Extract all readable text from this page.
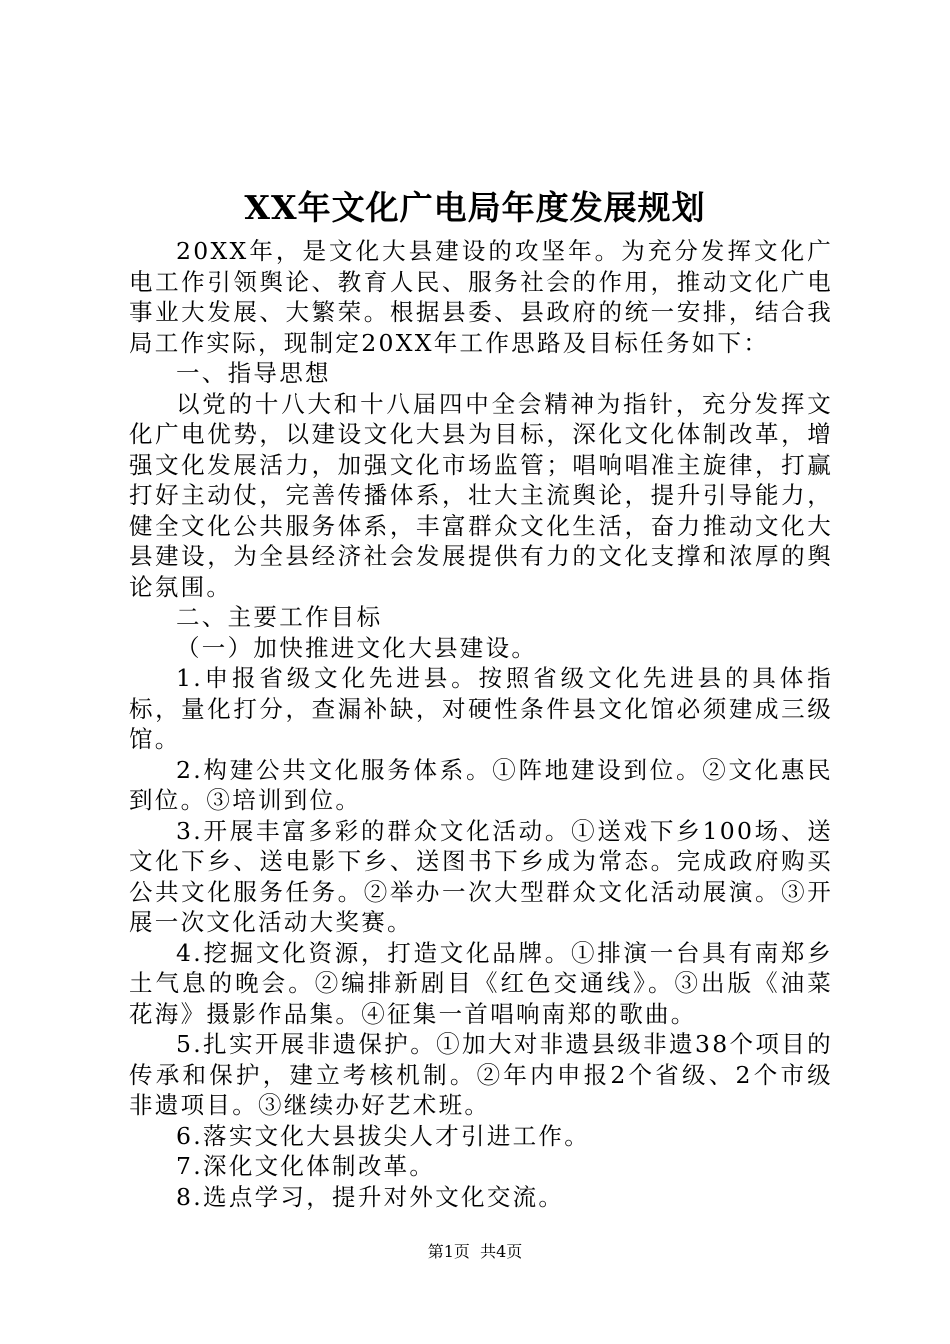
XX年文化广电局年度发展规划

20XX年，是文化大县建设的攻坚年。为充分发挥文化广电工作引领舆论、教育人民、服务社会的作用，推动文化广电事业大发展、大繁荣。根据县委、县政府的统一安排，结合我局工作实际，现制定20XX年工作思路及目标任务如下：

一、指导思想

以党的十八大和十八届四中全会精神为指针，充分发挥文化广电优势，以建设文化大县为目标，深化文化体制改革，增强文化发展活力，加强文化市场监管；唱响唱准主旋律，打赢打好主动仗，完善传播体系，壮大主流舆论，提升引导能力，健全文化公共服务体系，丰富群众文化生活，奋力推动文化大县建设，为全县经济社会发展提供有力的文化支撑和浓厚的舆论氛围。

二、主要工作目标

（一）加快推进文化大县建设。

1.申报省级文化先进县。按照省级文化先进县的具体指标，量化打分，查漏补缺，对硬性条件县文化馆必须建成三级馆。

2.构建公共文化服务体系。①阵地建设到位。②文化惠民到位。③培训到位。

3.开展丰富多彩的群众文化活动。①送戏下乡100场、送文化下乡、送电影下乡、送图书下乡成为常态。完成政府购买公共文化服务任务。②举办一次大型群众文化活动展演。③开展一次文化活动大奖赛。

4.挖掘文化资源，打造文化品牌。①排演一台具有南郑乡土气息的晚会。②编排新剧目《红色交通线》。③出版《油菜花海》摄影作品集。④征集一首唱响南郑的歌曲。

5.扎实开展非遗保护。①加大对非遗县级非遗38个项目的传承和保护，建立考核机制。②年内申报2个省级、2个市级非遗项目。③继续办好艺术班。

6.落实文化大县拔尖人才引进工作。

7.深化文化体制改革。

8.选点学习，提升对外文化交流。

第1页 共4页
